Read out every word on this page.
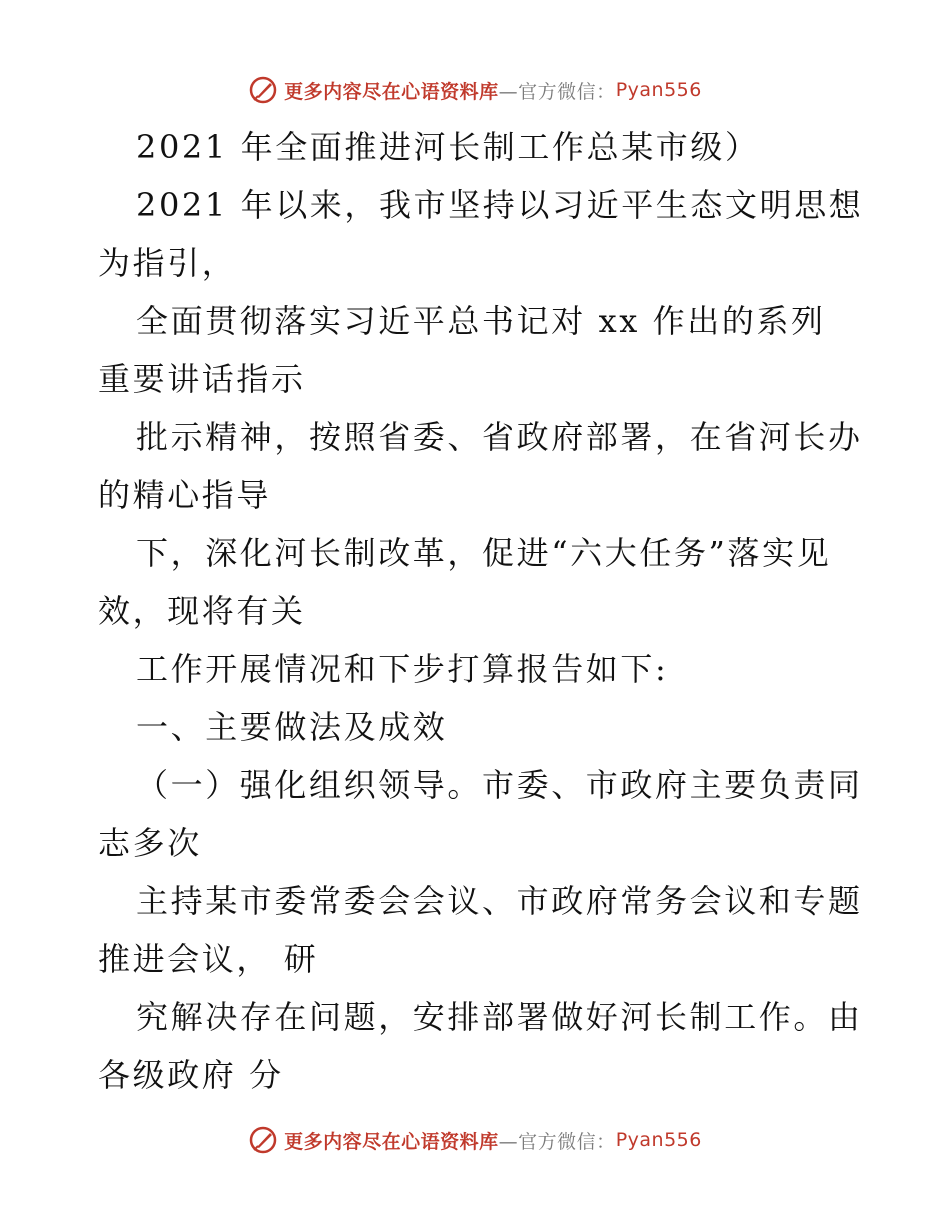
更多内容尽在心语资料库 —官方微信： Pyan556

2021 年全面推进河长制工作总某市级）

2021 年以来，我市坚持以习近平生态文明思想

为指引，

全面贯彻落实习近平总书记对 xx 作出的系列

重要讲话指示

批示精神，按照省委、省政府部署，在省河长办

的精心指导

下，深化河长制改革，促进“六大任务”落实见

效，现将有关

工作开展情况和下步打算报告如下:

一、主要做法及成效

（一）强化组织领导。市委、市政府主要负责同

志多次

主持某市委常委会会议、市政府常务会议和专题

推进会议， 研

究解决存在问题，安排部署做好河长制工作。由

各级政府 分

更多内容尽在心语资料库 —官方微信： Pyan556
